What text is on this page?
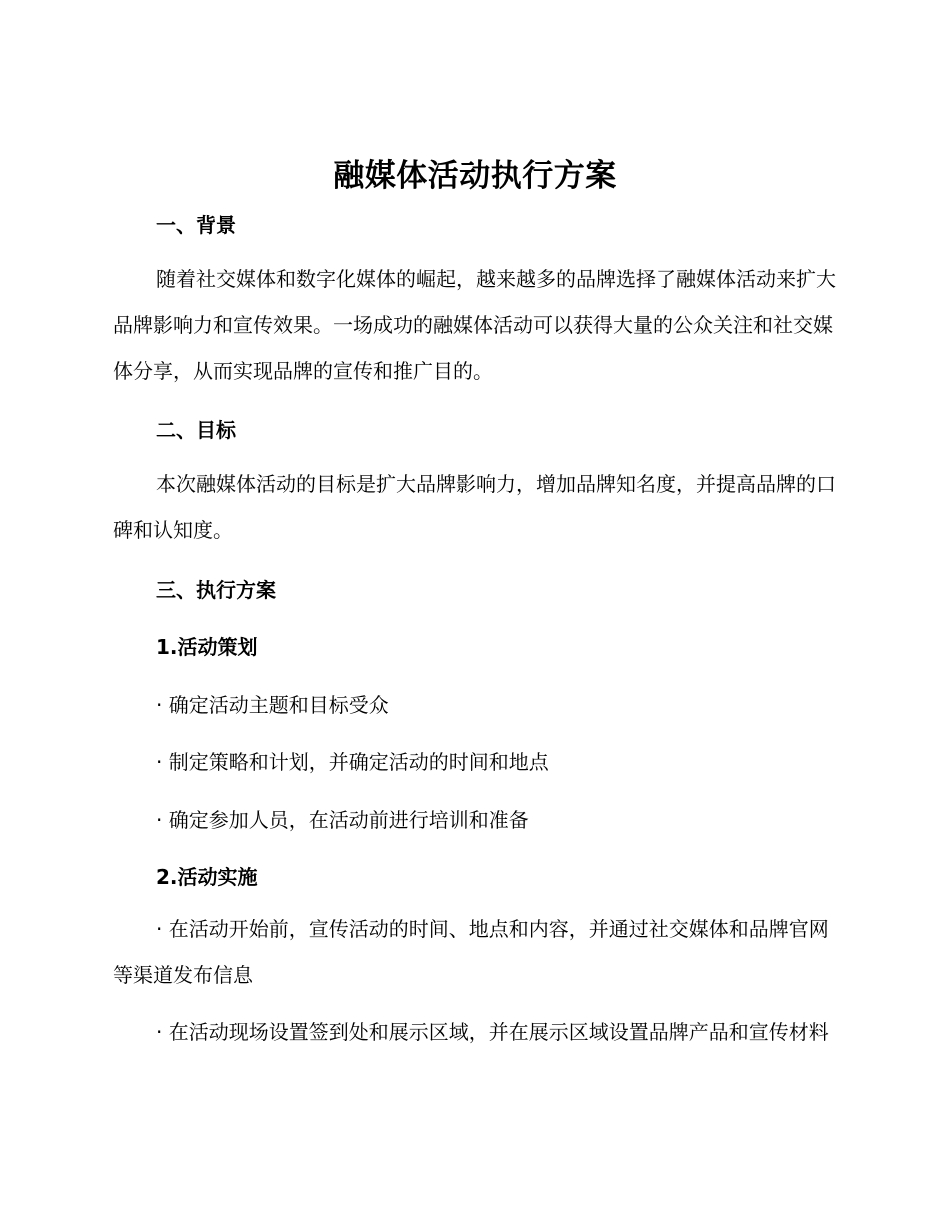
融媒体活动执行方案
一、背景

随着社交媒体和数字化媒体的崛起，越来越多的品牌选择了融媒体活动来扩大品牌影响力和宣传效果。一场成功的融媒体活动可以获得大量的公众关注和社交媒体分享，从而实现品牌的宣传和推广目的。

二、目标

本次融媒体活动的目标是扩大品牌影响力，增加品牌知名度，并提高品牌的口碑和认知度。

三、执行方案
1.活动策划
· 确定活动主题和目标受众
· 制定策略和计划，并确定活动的时间和地点
· 确定参加人员，在活动前进行培训和准备
2.活动实施

· 在活动开始前，宣传活动的时间、地点和内容，并通过社交媒体和品牌官网等渠道发布信息

· 在活动现场设置签到处和展示区域，并在展示区域设置品牌产品和宣传材料
